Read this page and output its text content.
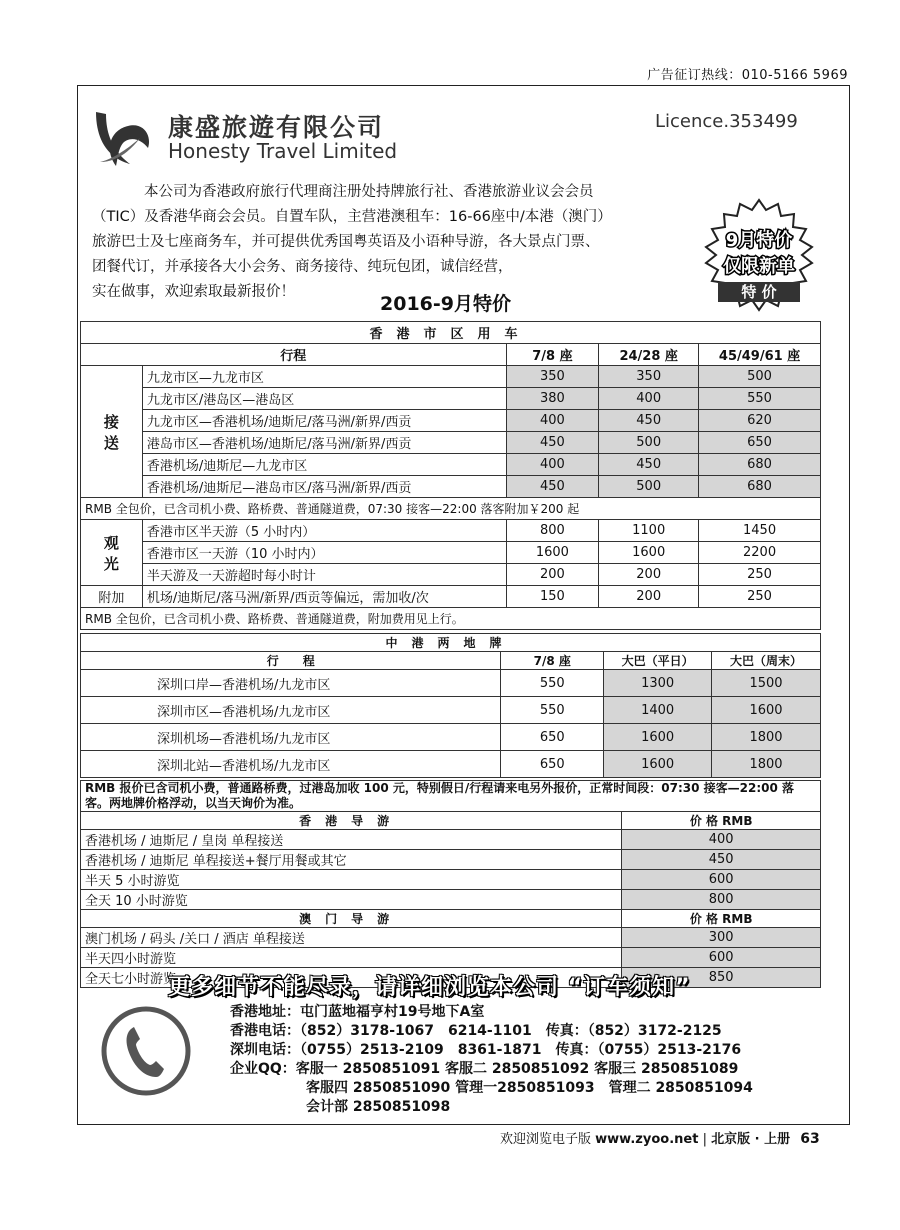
广告征订热线：010-5166 5969
康盛旅遊有限公司
Honesty Travel Limited
Licence.353499
本公司为香港政府旅行代理商注册处持牌旅行社、香港旅游业议会会员
（TIC）及香港华商会会员。自置车队，主营港澳租车：16-66座中/本港（澳门）
旅游巴士及七座商务车，并可提供优秀国粤英语及小语种导游，各大景点门票、
团餐代订，并承接各大小会务、商务接待、纯玩包团，诚信经营，
实在做事，欢迎索取最新报价！
9月特价
仅限新单
特 价
2016-9月特价
香港市区用车				
行程		7/8 座	24/28 座	45/49/61 座
接
送	九龙市区—九龙市区	350	350	500
	九龙市区/港岛区—港岛区	380	400	550
	九龙市区—香港机场/迪斯尼/落马洲/新界/西贡	400	450	620
	港岛市区—香港机场/迪斯尼/落马洲/新界/西贡	450	500	650
	香港机场/迪斯尼—九龙市区	400	450	680
	香港机场/迪斯尼—港岛市区/落马洲/新界/西贡	450	500	680
RMB 全包价，已含司机小费、路桥费、普通隧道费，07:30 接客—22:00 落客附加￥200 起				
观
光	香港市区半天游（5 小时内）	800	1100	1450
	香港市区一天游（10 小时内）	1600	1600	2200
	半天游及一天游超时每小时计	200	200	250
附加	机场/迪斯尼/落马洲/新界/西贡等偏远，需加收/次	150	200	250
RMB 全包价，已含司机小费、路桥费、普通隧道费，附加费用见上行。				
中港两地牌			
行　　程	7/8 座	大巴（平日）	大巴（周末）
深圳口岸—香港机场/九龙市区	550	1300	1500
深圳市区—香港机场/九龙市区	550	1400	1600
深圳机场—香港机场/九龙市区	650	1600	1800
深圳北站—香港机场/九龙市区	650	1600	1800
RMB 报价已含司机小费，普通路桥费，过港岛加收 100 元，特别假日/行程请来电另外报价，正常时间段：07:30 接客—22:00 落客。两地牌价格浮动，以当天询价为准。	
香港导游	价 格 RMB
香港机场 / 迪斯尼 / 皇岗 单程接送	400
香港机场 / 迪斯尼 单程接送+餐厅用餐或其它	450
半天 5 小时游览	600
全天 10 小时游览	800
澳门导游	价 格 RMB
澳门机场 / 码头 /关口 / 酒店 单程接送	300
半天四小时游览	600
全天七小时游览	850
更多细节不能尽录，请详细浏览本公司 “订车须知”
香港地址：屯门蓝地福亨村19号地下A室
香港电话：（852）3178-1067　6214-1101　传真：（852）3172-2125
深圳电话：（0755）2513-2109　8361-1871　传真：（0755）2513-2176
企业QQ：客服一 2850851091 客服二 2850851092 客服三 2850851089
客服四 2850851090 管理一2850851093　管理二 2850851094
会计部 2850851098
欢迎浏览电子版 www.zyoo.net | 北京版 · 上册 63
